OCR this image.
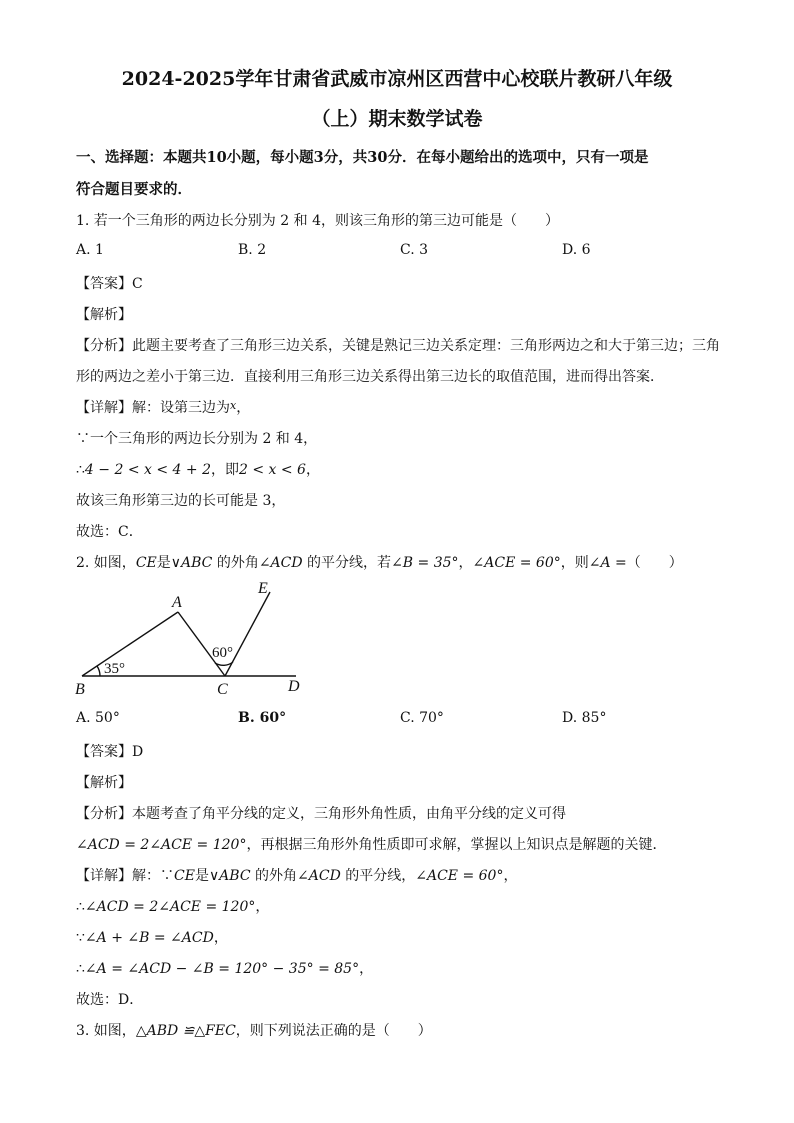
2024-2025学年甘肃省武威市凉州区西营中心校联片教研八年级
（上）期末数学试卷
一、选择题：本题共10小题，每小题3分，共30分．在每小题给出的选项中，只有一项是
符合题目要求的．
1. 若一个三角形的两边长分别为 2 和 4，则该三角形的第三边可能是（　　）
A. 1	B. 2	C. 3	D. 6
【答案】C
【解析】
【分析】此题主要考查了三角形三边关系，关键是熟记三边关系定理：三角形两边之和大于第三边；三角
形的两边之差小于第三边．直接利用三角形三边关系得出第三边长的取值范围，进而得出答案．
【详解】解：设第三边为$^x$，
∵一个三角形的两边长分别为 2 和 4，
∴4 − 2 < x < 4 + 2，即2 < x < 6，
故该三角形第三边的长可能是 3，
故选：C．
2. 如图，CE是∨ABC 的外角∠ACD 的平分线，若∠B = 35°，∠ACE = 60°，则∠A =（　　）
A
B	C	D
E
35°
60°
A. 50°	B. 60°	C. 70°	D. 85°
【答案】D
【解析】
【分析】本题考查了角平分线的定义，三角形外角性质，由角平分线的定义可得
∠ACD = 2∠ACE = 120°，再根据三角形外角性质即可求解，掌握以上知识点是解题的关键．
【详解】解：∵CE是∨ABC 的外角∠ACD 的平分线，∠ACE = 60°，
∴∠ACD = 2∠ACE = 120°，
∵∠A + ∠B = ∠ACD，
∴∠A = ∠ACD − ∠B = 120° − 35° = 85°，
故选：D．
3. 如图，△ABD ≌△FEC，则下列说法正确的是（　　）
